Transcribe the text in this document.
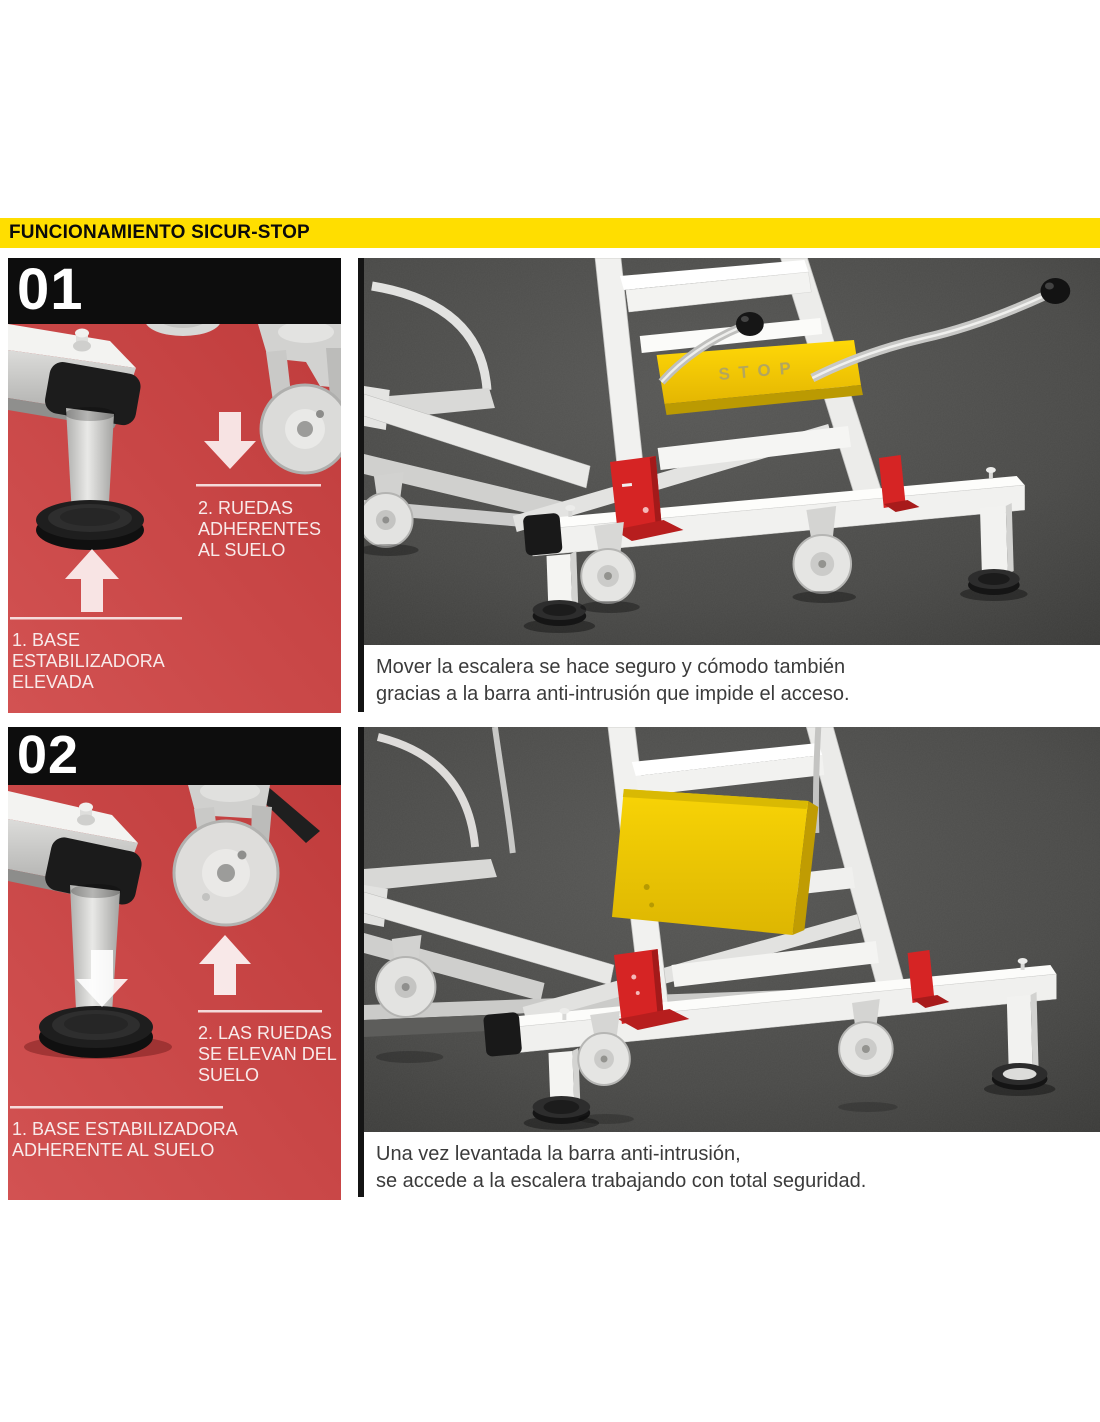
FUNCIONAMIENTO SICUR-STOP
01
2. RUEDAS
ADHERENTES
AL SUELO
1. BASE
ESTABILIZADORA
ELEVADA
02
2. LAS RUEDAS
SE ELEVAN DEL
SUELO
1. BASE ESTABILIZADORA
ADHERENTE AL SUELO
STOP
Mover la escalera se hace seguro y cómodo también
gracias a la barra anti-intrusión que impide el acceso.
Una vez levantada la barra anti-intrusión,
se accede a la escalera trabajando con total seguridad.
